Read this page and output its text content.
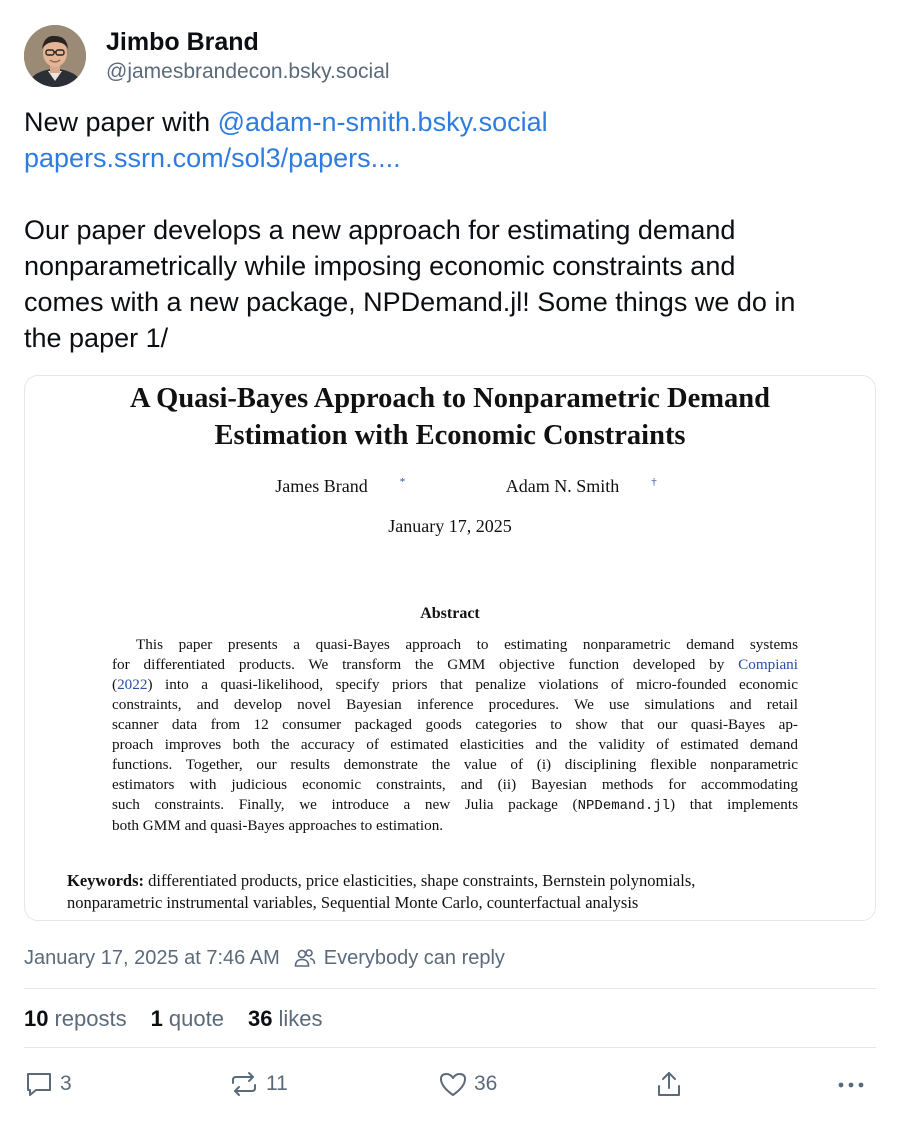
Jimbo Brand
@jamesbrandecon.bsky.social
New paper with @adam-n-smith.bsky.social
papers.ssrn.com/sol3/papers....
Our paper develops a new approach for estimating demand
nonparametrically while imposing economic constraints and
comes with a new package, NPDemand.jl! Some things we do in
the paper 1/
A Quasi-Bayes Approach to Nonparametric Demand
Estimation with Economic Constraints
James Brand	*	Adam N. Smith	†
January 17, 2025
Abstract
This paper presents a quasi-Bayes approach to estimating nonparametric demand systems
for differentiated products. We transform the GMM objective function developed by Compiani
(2022) into a quasi-likelihood, specify priors that penalize violations of micro-founded economic
constraints, and develop novel Bayesian inference procedures. We use simulations and retail
scanner data from 12 consumer packaged goods categories to show that our quasi-Bayes ap-
proach improves both the accuracy of estimated elasticities and the validity of estimated demand
functions. Together, our results demonstrate the value of (i) disciplining flexible nonparametric
estimators with judicious economic constraints, and (ii) Bayesian methods for accommodating
such constraints. Finally, we introduce a new Julia package (NPDemand.jl) that implements
both GMM and quasi-Bayes approaches to estimation.
Keywords: differentiated products, price elasticities, shape constraints, Bernstein polynomials,
nonparametric instrumental variables, Sequential Monte Carlo, counterfactual analysis
January 17, 2025 at 7:46 AM Everybody can reply
10 reposts 1 quote 36 likes
3	11	36
